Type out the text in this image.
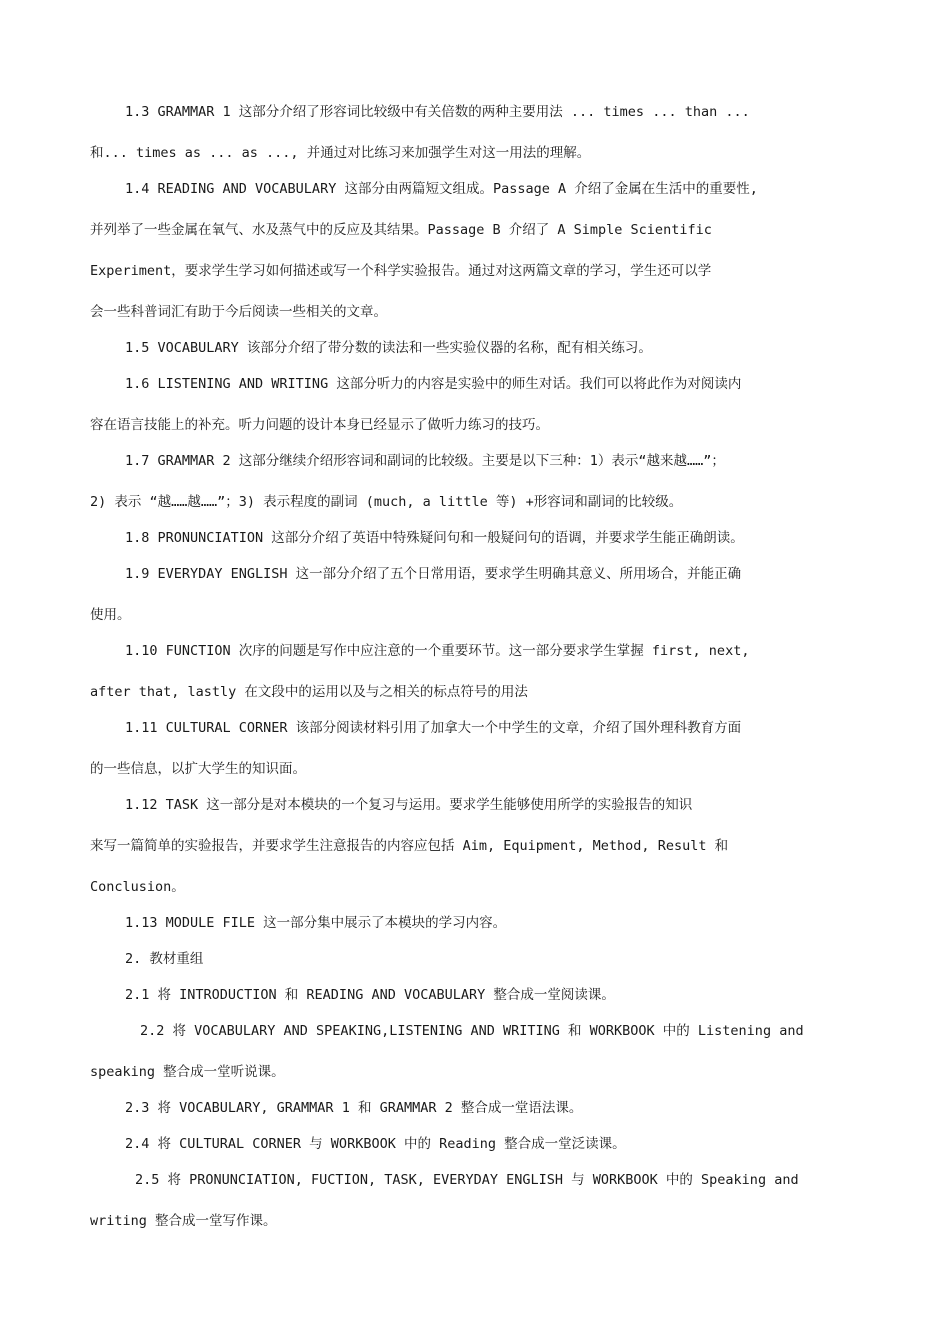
1.3 GRAMMAR 1 这部分介绍了形容词比较级中有关倍数的两种主要用法 ... times ... than ...
和... times as ... as ..., 并通过对比练习来加强学生对这一用法的理解。
1.4 READING AND VOCABULARY 这部分由两篇短文组成。Passage A 介绍了金属在生活中的重要性,
并列举了一些金属在氧气、水及蒸气中的反应及其结果。Passage B 介绍了 A Simple Scientific
Experiment，要求学生学习如何描述或写一个科学实验报告。通过对这两篇文章的学习，学生还可以学
会一些科普词汇有助于今后阅读一些相关的文章。
1.5 VOCABULARY 该部分介绍了带分数的读法和一些实验仪器的名称，配有相关练习。
1.6 LISTENING AND WRITING 这部分听力的内容是实验中的师生对话。我们可以将此作为对阅读内
容在语言技能上的补充。听力问题的设计本身已经显示了做听力练习的技巧。
1.7 GRAMMAR 2 这部分继续介绍形容词和副词的比较级。主要是以下三种：1）表示“越来越……”；
2) 表示 “越……越……”；3) 表示程度的副词 (much, a little 等) +形容词和副词的比较级。
1.8 PRONUNCIATION 这部分介绍了英语中特殊疑问句和一般疑问句的语调，并要求学生能正确朗读。
1.9 EVERYDAY ENGLISH 这一部分介绍了五个日常用语，要求学生明确其意义、所用场合，并能正确
使用。
1.10 FUNCTION 次序的问题是写作中应注意的一个重要环节。这一部分要求学生掌握 first, next,
after that, lastly 在文段中的运用以及与之相关的标点符号的用法
1.11 CULTURAL CORNER 该部分阅读材料引用了加拿大一个中学生的文章，介绍了国外理科教育方面
的一些信息，以扩大学生的知识面。
1.12 TASK 这一部分是对本模块的一个复习与运用。要求学生能够使用所学的实验报告的知识
来写一篇简单的实验报告，并要求学生注意报告的内容应包括 Aim, Equipment, Method, Result 和
Conclusion。
1.13 MODULE FILE 这一部分集中展示了本模块的学习内容。
2. 教材重组
2.1 将 INTRODUCTION 和 READING AND VOCABULARY 整合成一堂阅读课。
2.2 将 VOCABULARY AND SPEAKING,LISTENING AND WRITING 和 WORKBOOK 中的 Listening and
speaking 整合成一堂听说课。
2.3 将 VOCABULARY, GRAMMAR 1 和 GRAMMAR 2 整合成一堂语法课。
2.4 将 CULTURAL CORNER 与 WORKBOOK 中的 Reading 整合成一堂泛读课。
2.5 将 PRONUNCIATION, FUCTION, TASK, EVERYDAY ENGLISH 与 WORKBOOK 中的 Speaking and
writing 整合成一堂写作课。
